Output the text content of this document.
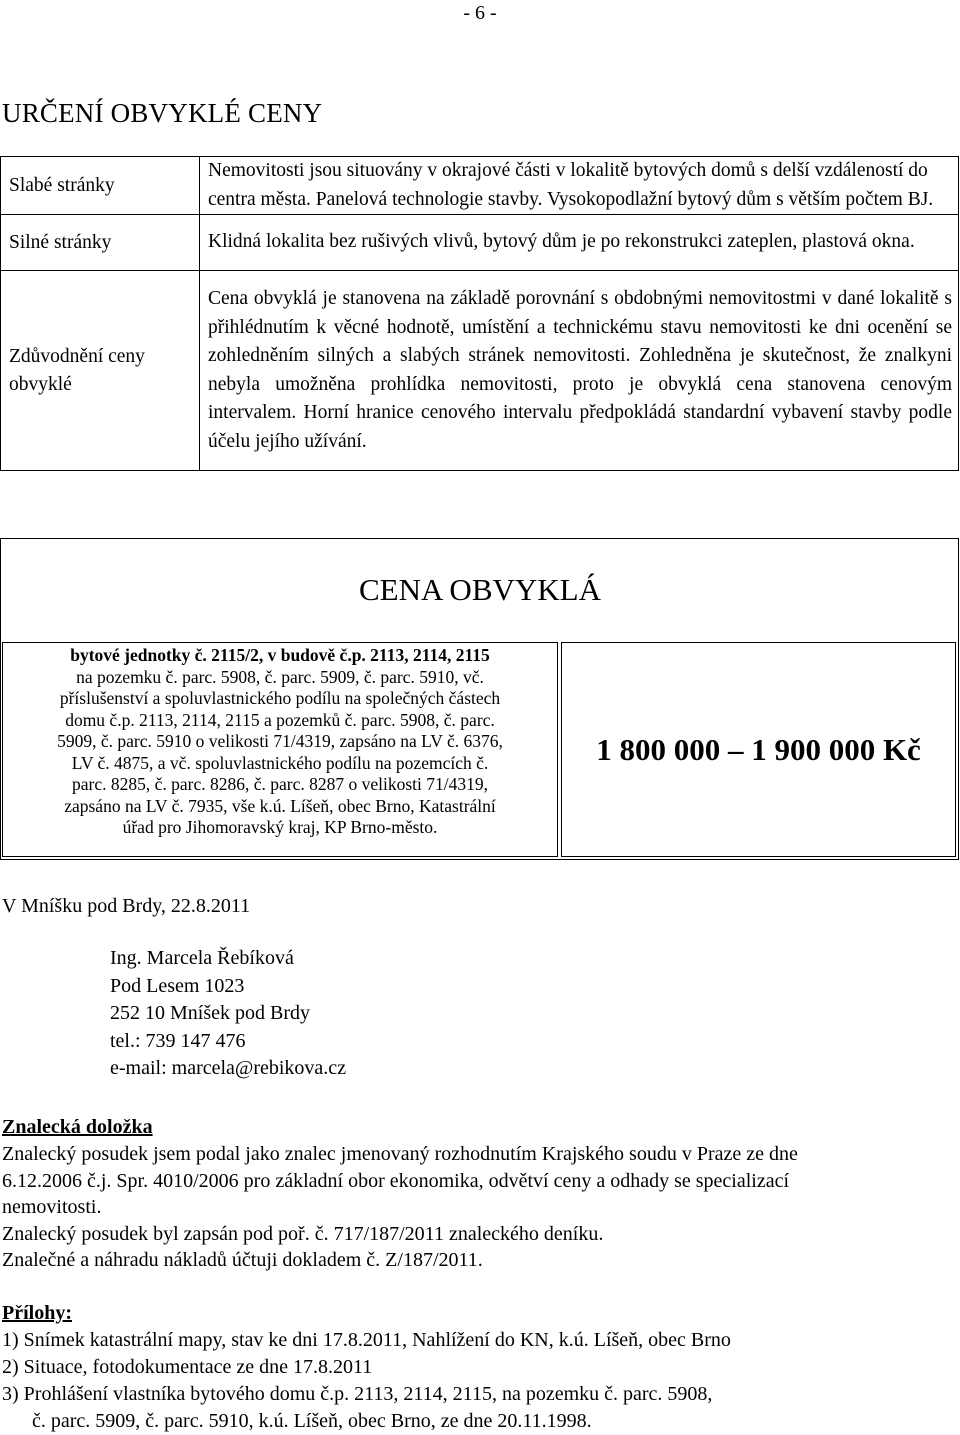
- 6 -
URČENÍ OBVYKLÉ CENY
Slabé stránky	Nemovitosti jsou situovány v okrajové části v lokalitě bytových domů s delší vzdáleností do centra města. Panelová technologie stavby. Vysokopodlažní bytový dům s větším počtem BJ.
Silné stránky	Klidná lokalita bez rušivých vlivů, bytový dům je po rekonstrukci zateplen, plastová okna.
Zdůvodnění ceny obvyklé	Cena obvyklá je stanovena na základě porovnání s obdobnými nemovitostmi v dané lokalitě s přihlédnutím k věcné hodnotě, umístění a technickému stavu nemovitosti ke dni ocenění se zohledněním silných a slabých stránek nemovitosti. Zohledněna je skutečnost, že znalkyni nebyla umožněna prohlídka nemovitosti, proto je obvyklá cena stanovena cenovým intervalem. Horní hranice cenového intervalu předpokládá standardní vybavení stavby podle účelu jejího užívání.
CENA OBVYKLÁ
bytové jednotky č. 2115/2, v budově č.p. 2113, 2114, 2115
na pozemku č. parc. 5908, č. parc. 5909, č. parc. 5910, vč.
příslušenství a spoluvlastnického podílu na společných částech
domu č.p. 2113, 2114, 2115 a pozemků č. parc. 5908, č. parc.
5909, č. parc. 5910 o velikosti 71/4319, zapsáno na LV č. 6376,
LV č. 4875, a vč. spoluvlastnického podílu na pozemcích č.
parc. 8285, č. parc. 8286, č. parc. 8287 o velikosti 71/4319,
zapsáno na LV č. 7935, vše k.ú. Líšeň, obec Brno, Katastrální
úřad pro Jihomoravský kraj, KP Brno-město.
1 800 000 – 1 900 000 Kč
V Mníšku pod Brdy, 22.8.2011
Ing. Marcela Řebíková
Pod Lesem 1023
252 10 Mníšek pod Brdy
tel.: 739 147 476
e-mail: marcela@rebikova.cz
Znalecká doložka

Znalecký posudek jsem podal jako znalec jmenovaný rozhodnutím Krajského soudu v Praze ze dne

6.12.2006 č.j. Spr. 4010/2006 pro základní obor ekonomika, odvětví ceny a odhady se specializací

nemovitosti.

Znalecký posudek byl zapsán pod poř. č. 717/187/2011 znaleckého deníku.

Znalečné a náhradu nákladů účtuji dokladem č. Z/187/2011.

Přílohy:
1) Snímek katastrální mapy, stav ke dni 17.8.2011, Nahlížení do KN, k.ú. Líšeň, obec Brno
2) Situace, fotodokumentace ze dne 17.8.2011
3) Prohlášení vlastníka bytového domu č.p. 2113, 2114, 2115, na pozemku č. parc. 5908,
č. parc. 5909, č. parc. 5910, k.ú. Líšeň, obec Brno, ze dne 20.11.1998.
